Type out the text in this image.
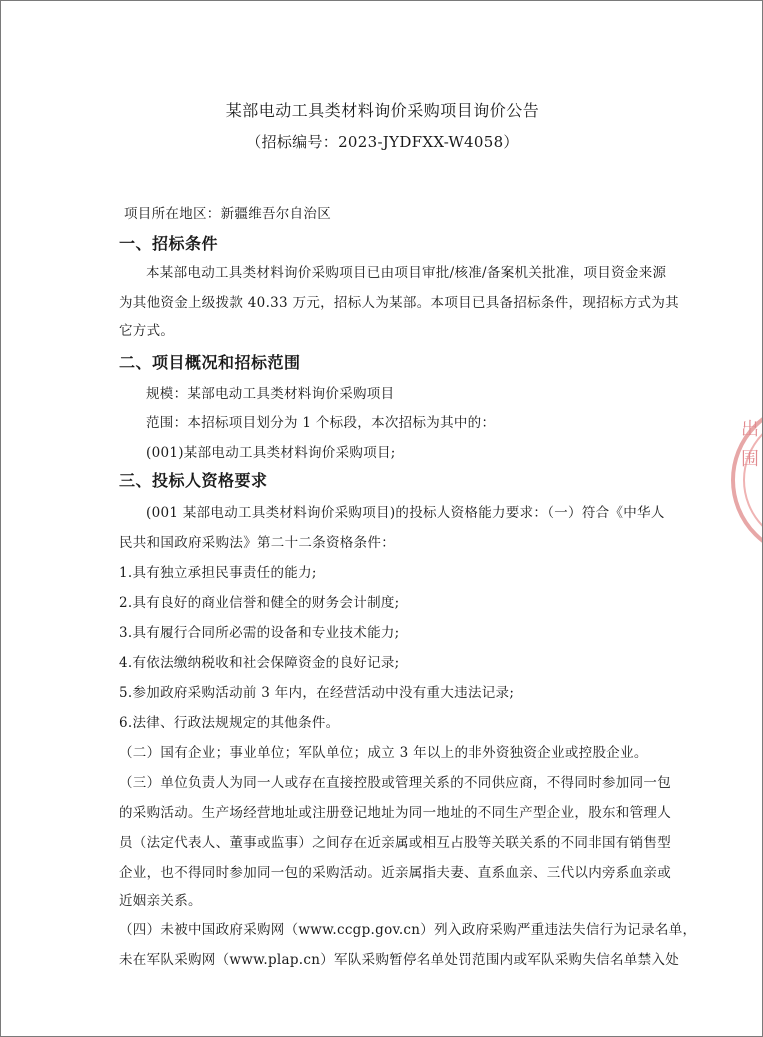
出
围
某部电动工具类材料询价采购项目询价公告
（招标编号：2023-JYDFXX-W4058）
项目所在地区：新疆维吾尔自治区
一、招标条件
本某部电动工具类材料询价采购项目已由项目审批/核准/备案机关批准，项目资金来源
为其他资金上级拨款 40.33 万元，招标人为某部。本项目已具备招标条件，现招标方式为其
它方式。
二、项目概况和招标范围
规模：某部电动工具类材料询价采购项目
范围：本招标项目划分为 1 个标段，本次招标为其中的：
(001)某部电动工具类材料询价采购项目;
三、投标人资格要求
(001 某部电动工具类材料询价采购项目)的投标人资格能力要求：（一）符合《中华人
民共和国政府采购法》第二十二条资格条件：
1.具有独立承担民事责任的能力;
2.具有良好的商业信誉和健全的财务会计制度;
3.具有履行合同所必需的设备和专业技术能力;
4.有依法缴纳税收和社会保障资金的良好记录;
5.参加政府采购活动前 3 年内，在经营活动中没有重大违法记录;
6.法律、行政法规规定的其他条件。
（二）国有企业；事业单位；军队单位；成立 3 年以上的非外资独资企业或控股企业。
（三）单位负责人为同一人或存在直接控股或管理关系的不同供应商，不得同时参加同一包
的采购活动。生产场经营地址或注册登记地址为同一地址的不同生产型企业，股东和管理人
员（法定代表人、董事或监事）之间存在近亲属或相互占股等关联关系的不同非国有销售型
企业，也不得同时参加同一包的采购活动。近亲属指夫妻、直系血亲、三代以内旁系血亲或
近姻亲关系。
（四）未被中国政府采购网（www.ccgp.gov.cn）列入政府采购严重违法失信行为记录名单，
未在军队采购网（www.plap.cn）军队采购暂停名单处罚范围内或军队采购失信名单禁入处
